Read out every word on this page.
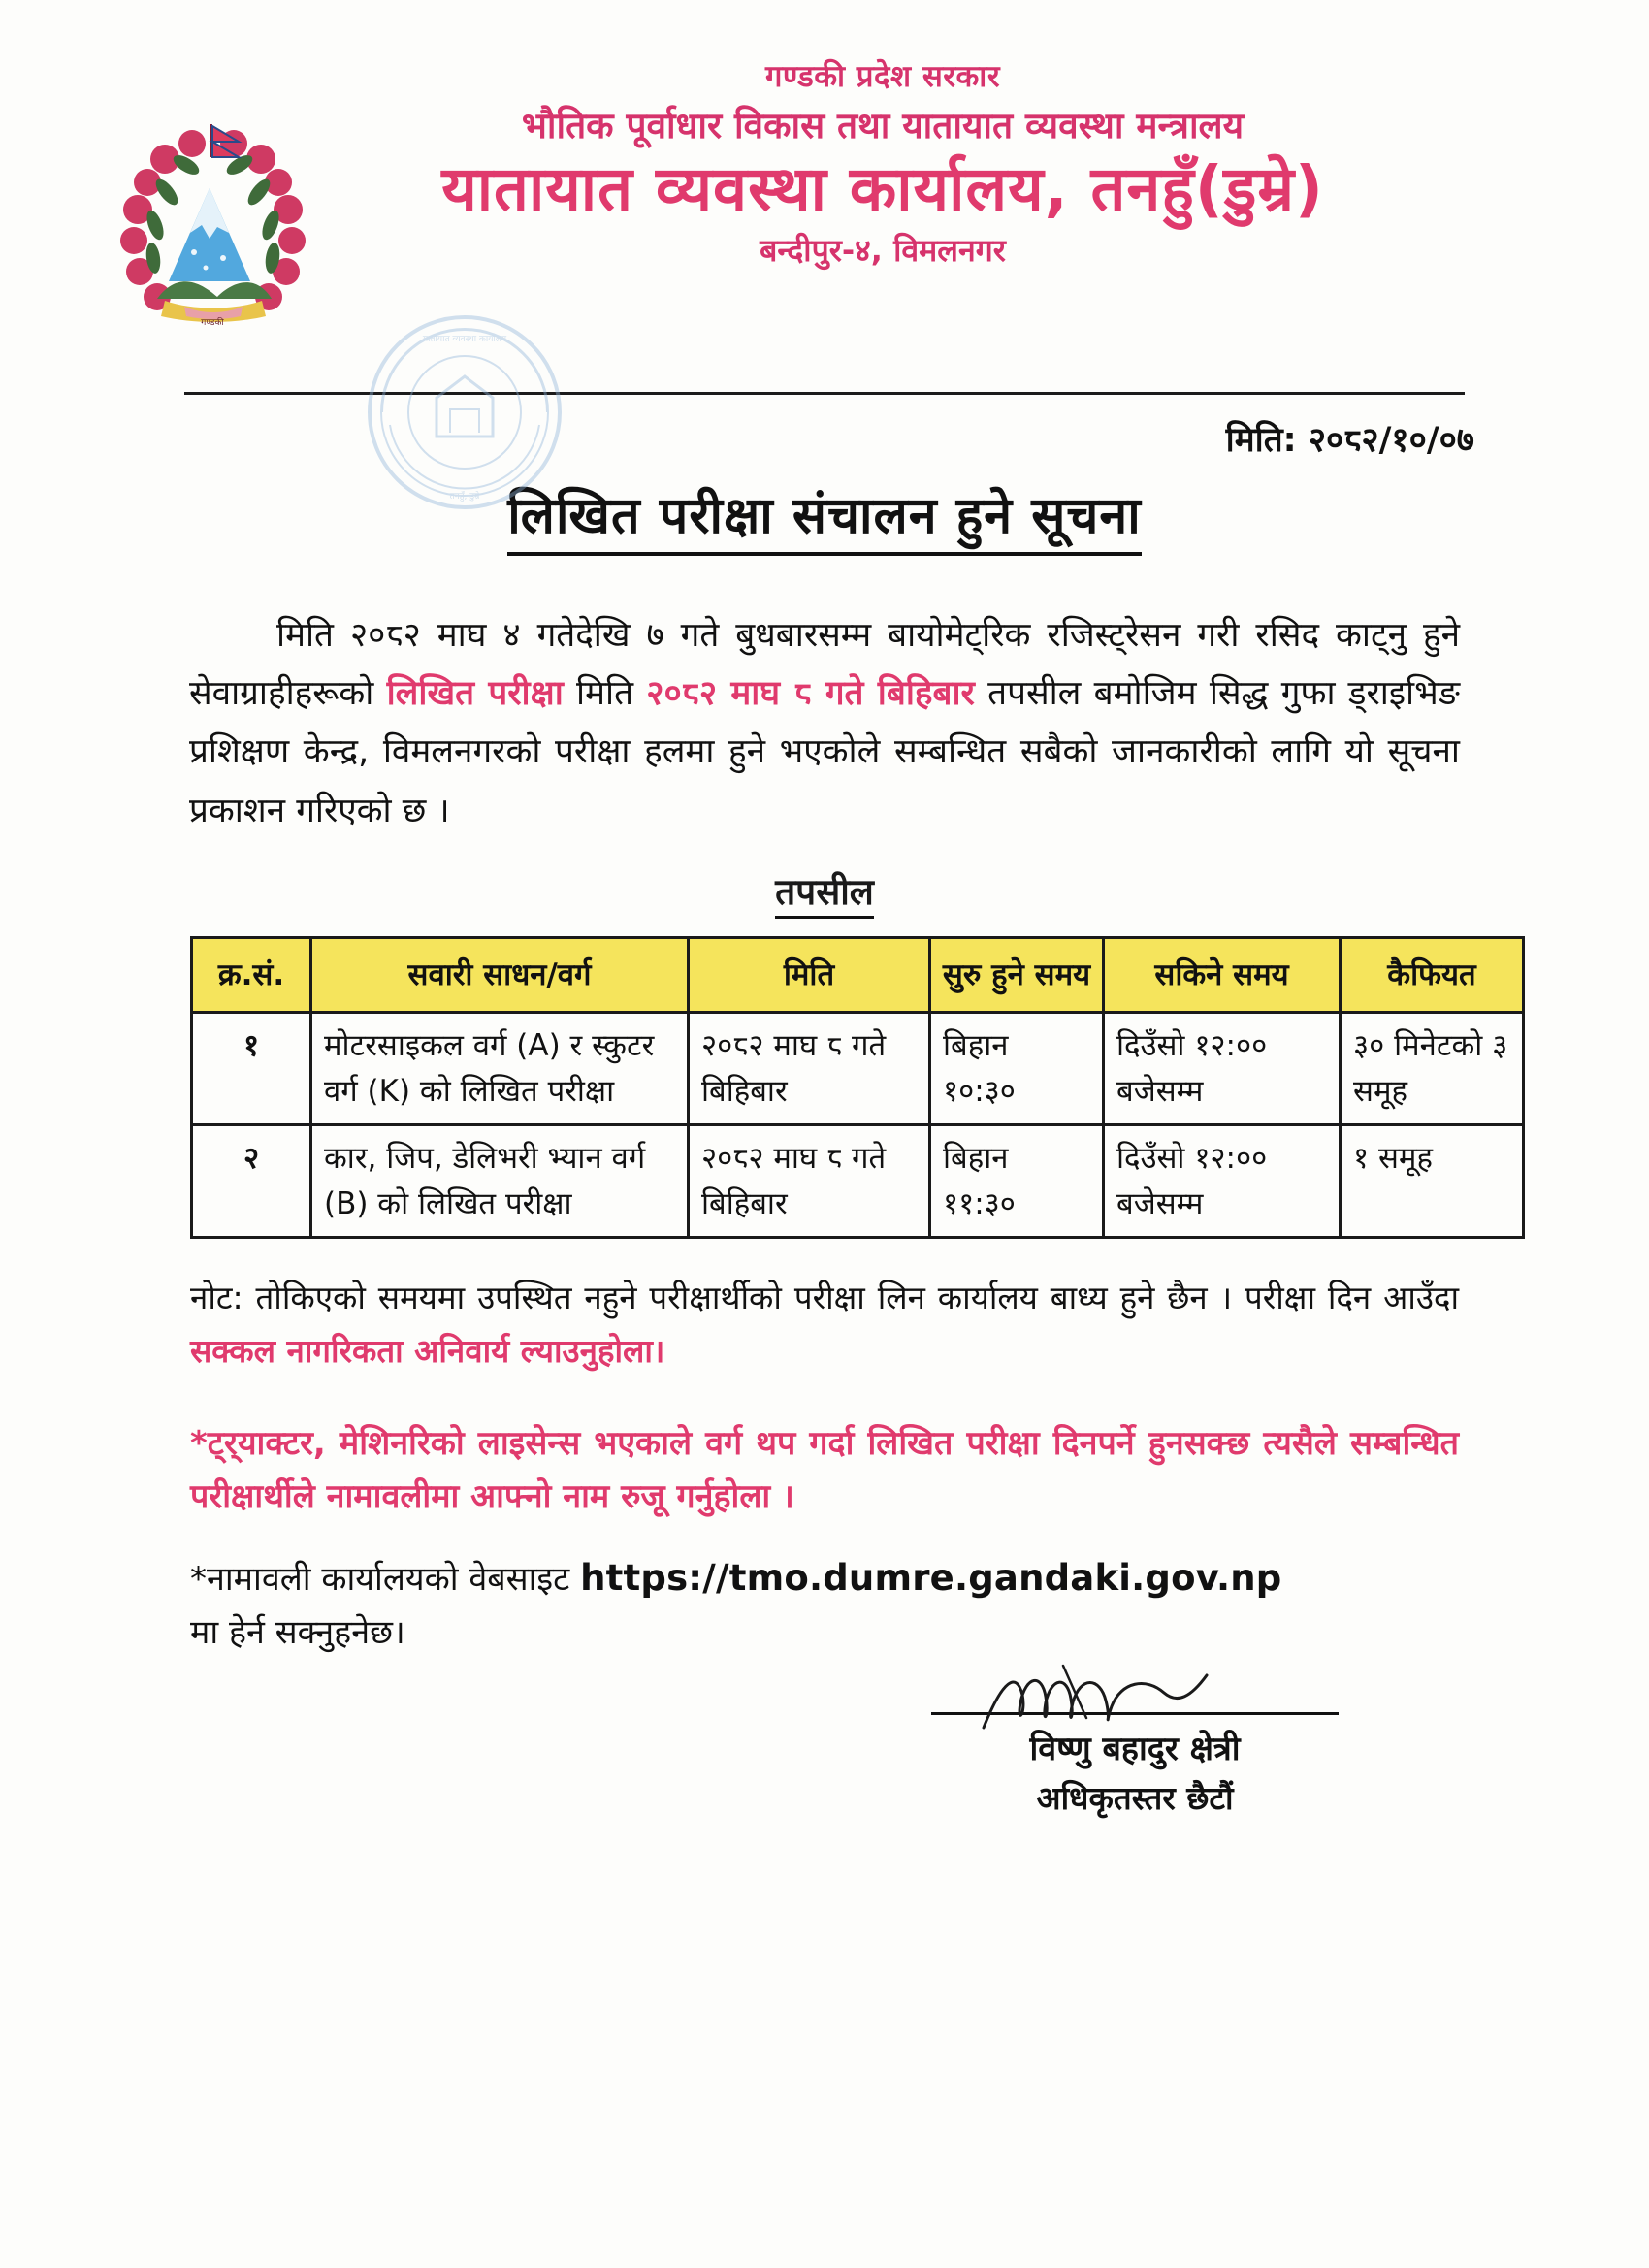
गण्डकी
गण्डकी प्रदेश सरकार
भौतिक पूर्वाधार विकास तथा यातायात व्यवस्था मन्त्रालय
यातायात व्यवस्था कार्यालय, तनहुँ(डुम्रे)
बन्दीपुर-४, विमलनगर
यातायात व्यवस्था कार्यालय
तनहुँ, डुम्रे
मिति: २०८२/१०/०७
लिखित परीक्षा संचालन हुने सूचना
मिति २०८२ माघ ४ गतेदेखि ७ गते बुधबारसम्म बायोमेट्रिक रजिस्ट्रेसन गरी रसिद काट्नु हुने सेवाग्राहीहरूको लिखित परीक्षा मिति २०८२ माघ ८ गते बिहिबार तपसील बमोजिम सिद्ध गुफा ड्राइभिङ प्रशिक्षण केन्द्र, विमलनगरको परीक्षा हलमा हुने भएकोले सम्बन्धित सबैको जानकारीको लागि यो सूचना प्रकाशन गरिएको छ ।
तपसील
क्र.सं.	सवारी साधन/वर्ग	मिति	सुरु हुने समय	सकिने समय	कैफियत
१	मोटरसाइकल वर्ग (A) र स्कुटर वर्ग (K) को लिखित परीक्षा	२०८२ माघ ८ गते बिहिबार	बिहान १०:३०	दिउँसो १२:०० बजेसम्म	३० मिनेटको ३ समूह
२	कार, जिप, डेलिभरी भ्यान वर्ग (B) को लिखित परीक्षा	२०८२ माघ ८ गते बिहिबार	बिहान ११:३०	दिउँसो १२:०० बजेसम्म	१ समूह
नोट: तोकिएको समयमा उपस्थित नहुने परीक्षार्थीको परीक्षा लिन कार्यालय बाध्य हुने छैन । परीक्षा दिन आउँदा सक्कल नागरिकता अनिवार्य ल्याउनुहोला।
*ट्र्याक्टर, मेशिनरिको लाइसेन्स भएकाले वर्ग थप गर्दा लिखित परीक्षा दिनपर्ने हुनसक्छ त्यसैले सम्बन्धित परीक्षार्थीले नामावलीमा आफ्नो नाम रुजू गर्नुहोला ।
*नामावली कार्यालयको वेबसाइट https://tmo.dumre.gandaki.gov.np
मा हेर्न सक्नुहनेछ।
विष्णु बहादुर क्षेत्री
अधिकृतस्तर छैटौं
